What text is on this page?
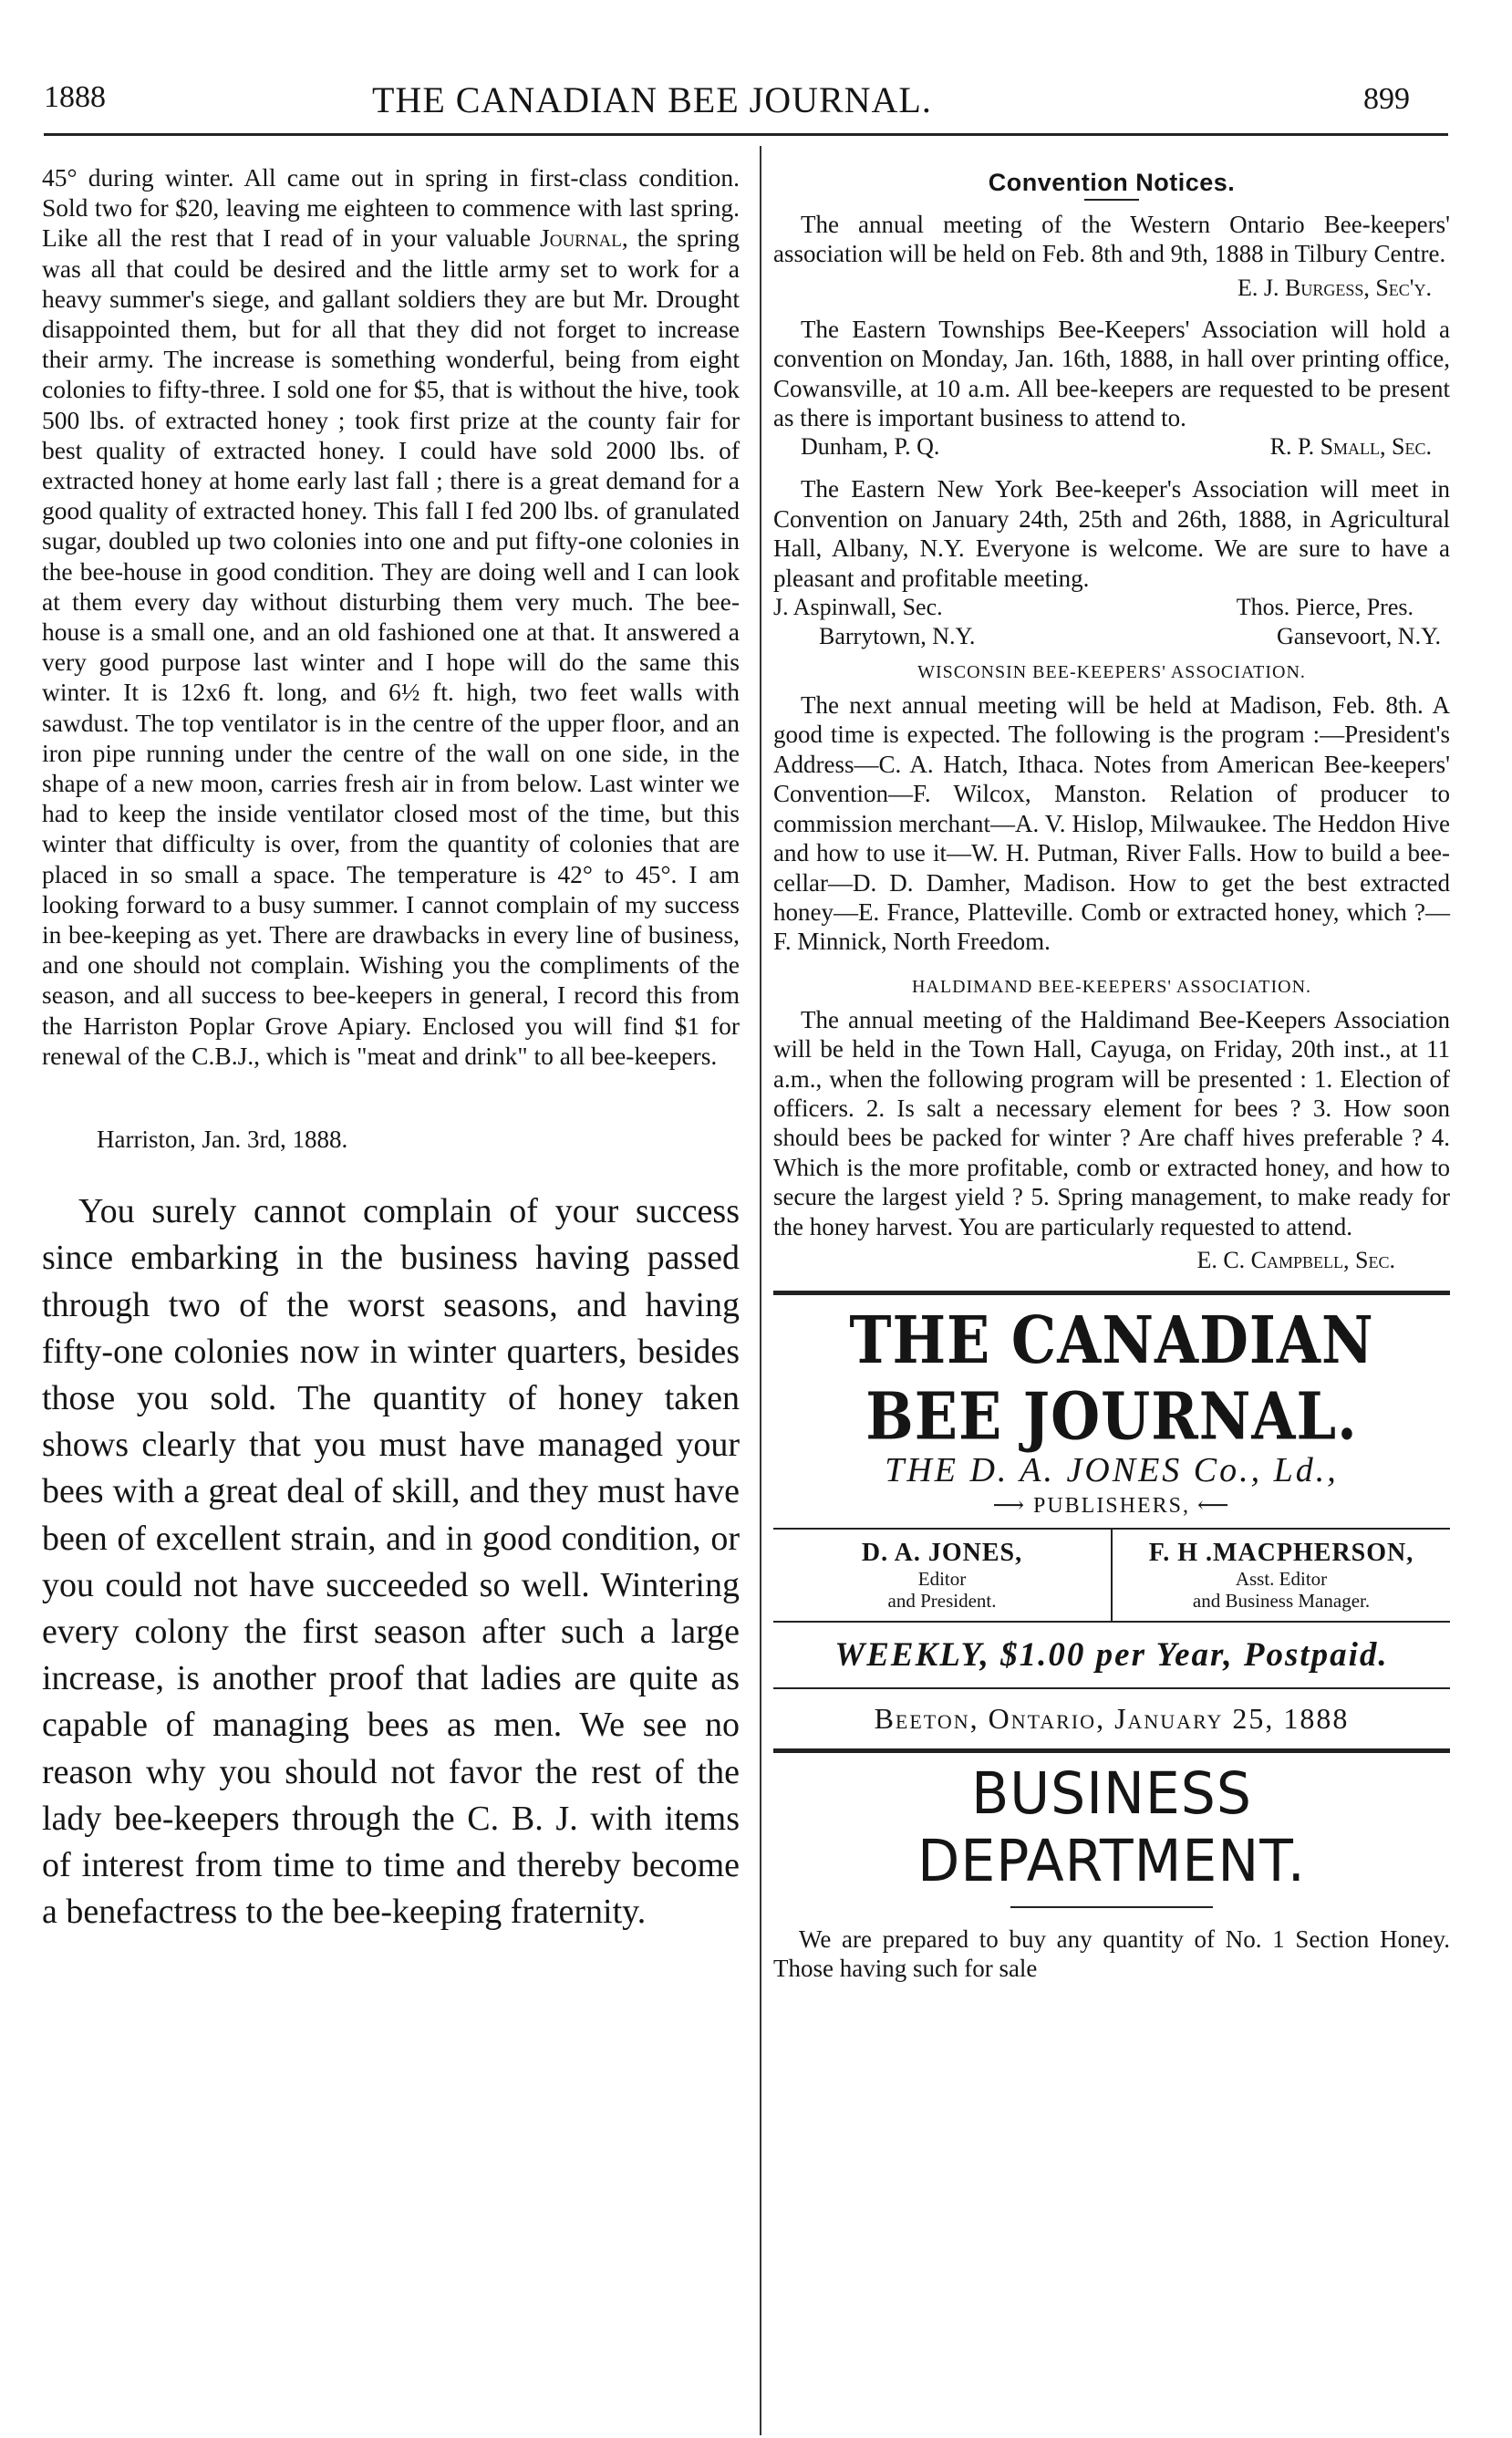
1888	THE CANADIAN BEE JOURNAL.	899

45° during winter. All came out in spring in first-class condition. Sold two for $20, leaving me eighteen to commence with last spring. Like all the rest that I read of in your valuable Journal, the spring was all that could be desired and the little army set to work for a heavy summer's siege, and gallant soldiers they are but Mr. Drought disappointed them, but for all that they did not forget to increase their army. The increase is something wonderful, being from eight colonies to fifty-three. I sold one for $5, that is without the hive, took 500 lbs. of extracted honey ; took first prize at the county fair for best quality of extracted honey. I could have sold 2000 lbs. of extracted honey at home early last fall ; there is a great demand for a good quality of extracted honey. This fall I fed 200 lbs. of granulated sugar, doubled up two colonies into one and put fifty-one colonies in the bee-house in good condition. They are doing well and I can look at them every day without disturbing them very much. The bee-house is a small one, and an old fashioned one at that. It answered a very good purpose last winter and I hope will do the same this winter. It is 12x6 ft. long, and 6½ ft. high, two feet walls with sawdust. The top ventilator is in the centre of the upper floor, and an iron pipe running under the centre of the wall on one side, in the shape of a new moon, carries fresh air in from below. Last winter we had to keep the inside ventilator closed most of the time, but this winter that difficulty is over, from the quantity of colonies that are placed in so small a space. The temperature is 42° to 45°. I am looking forward to a busy summer. I cannot complain of my success in bee-keeping as yet. There are drawbacks in every line of business, and one should not complain. Wishing you the compliments of the season, and all success to bee-keepers in general, I record this from the Harriston Poplar Grove Apiary. Enclosed you will find $1 for renewal of the C.B.J., which is "meat and drink" to all bee-keepers.

Harriston, Jan. 3rd, 1888.

You surely cannot complain of your success since embarking in the business having passed through two of the worst seasons, and having fifty-one colonies now in winter quarters, besides those you sold. The quantity of honey taken shows clearly that you must have managed your bees with a great deal of skill, and they must have been of excellent strain, and in good condition, or you could not have succeeded so well. Wintering every colony the first season after such a large increase, is another proof that ladies are quite as capable of managing bees as men. We see no reason why you should not favor the rest of the lady bee-keepers through the C. B. J. with items of interest from time to time and thereby become a benefactress to the bee-keeping fraternity.

Convention Notices.

The annual meeting of the Western Ontario Bee-keepers' association will be held on Feb. 8th and 9th, 1888 in Tilbury Centre.

E. J. Burgess, Sec'y.

The Eastern Townships Bee-Keepers' Association will hold a convention on Monday, Jan. 16th, 1888, in hall over printing office, Cowansville, at 10 a.m. All bee-keepers are requested to be present as there is important business to attend to.

Dunham, P. Q.	R. P. Small, Sec.

The Eastern New York Bee-keeper's Association will meet in Convention on January 24th, 25th and 26th, 1888, in Agricultural Hall, Albany, N.Y. Everyone is welcome. We are sure to have a pleasant and profitable meeting.

J. Aspinwall, Sec.	Thos. Pierce, Pres.
Barrytown, N.Y.	Gansevoort, N.Y.
WISCONSIN BEE-KEEPERS' ASSOCIATION.

The next annual meeting will be held at Madison, Feb. 8th. A good time is expected. The following is the program :—President's Address—C. A. Hatch, Ithaca. Notes from American Bee-keepers' Convention—F. Wilcox, Manston. Relation of producer to commission merchant—A. V. Hislop, Milwaukee. The Heddon Hive and how to use it—W. H. Putman, River Falls. How to build a bee-cellar—D. D. Damher, Madison. How to get the best extracted honey—E. France, Platteville. Comb or extracted honey, which ?—F. Minnick, North Freedom.

HALDIMAND BEE-KEEPERS' ASSOCIATION.

The annual meeting of the Haldimand Bee-Keepers Association will be held in the Town Hall, Cayuga, on Friday, 20th inst., at 11 a.m., when the following program will be presented : 1. Election of officers. 2. Is salt a necessary element for bees ? 3. How soon should bees be packed for winter ? Are chaff hives preferable ? 4. Which is the more profitable, comb or extracted honey, and how to secure the largest yield ? 5. Spring management, to make ready for the honey harvest. You are particularly requested to attend.

E. C. Campbell, Sec.
THE CANADIAN BEE JOURNAL.
THE D. A. JONES Co., Ld.,
⟶ PUBLISHERS, ⟵
D. A. JONES,
Editor
and President.
F. H .MACPHERSON,
Asst. Editor
and Business Manager.
WEEKLY, $1.00 per Year, Postpaid.
Beeton, Ontario, January 25, 1888
BUSINESS DEPARTMENT.

We are prepared to buy any quantity of No. 1 Section Honey. Those having such for sale
